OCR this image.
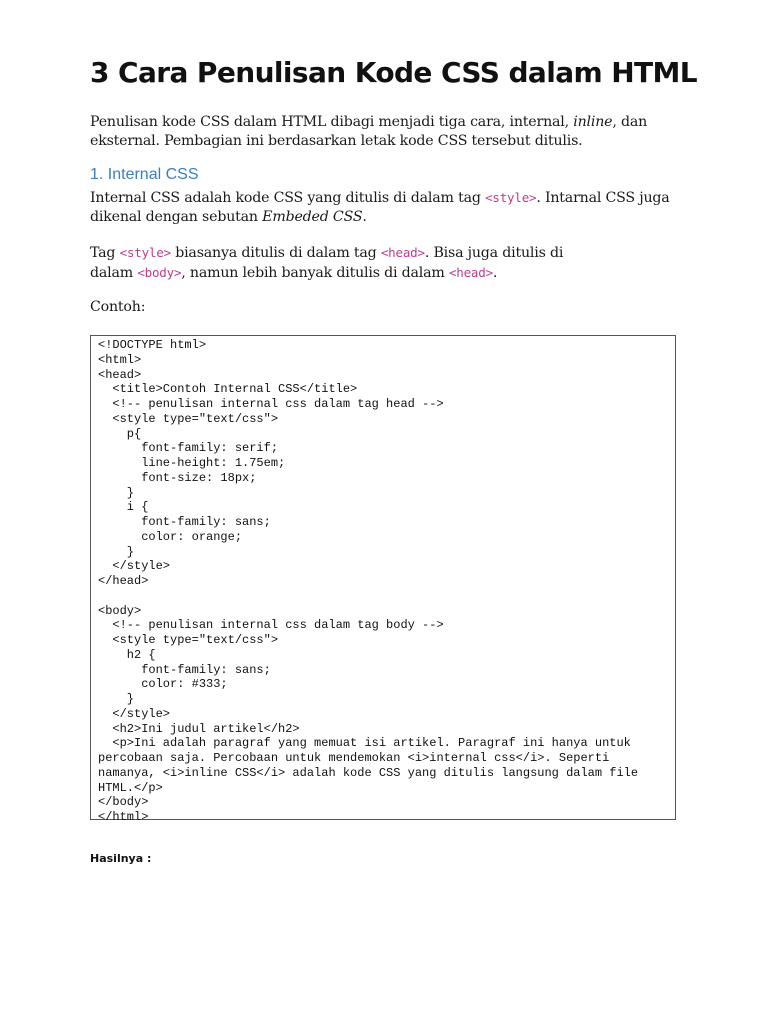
3 Cara Penulisan Kode CSS dalam HTML

Penulisan kode CSS dalam HTML dibagi menjadi tiga cara, internal, inline, dan
eksternal. Pembagian ini berdasarkan letak kode CSS tersebut ditulis.

1. Internal CSS

Internal CSS adalah kode CSS yang ditulis di dalam tag <style>. Intarnal CSS juga
dikenal dengan sebutan Embeded CSS.

Tag <style> biasanya ditulis di dalam tag <head>. Bisa juga ditulis di
dalam <body>, namun lebih banyak ditulis di dalam <head>.

Contoh:

<!DOCTYPE html>
<html>
<head>
<title>Contoh Internal CSS</title>
<!-- penulisan internal css dalam tag head -->
<style type="text/css">
p{
font-family: serif;
line-height: 1.75em;
font-size: 18px;
}
i {
font-family: sans;
color: orange;
}
</style>
</head>

<body>
<!-- penulisan internal css dalam tag body -->
<style type="text/css">
h2 {
font-family: sans;
color: #333;
}
</style>
<h2>Ini judul artikel</h2>
<p>Ini adalah paragraf yang memuat isi artikel. Paragraf ini hanya untuk
percobaan saja. Percobaan untuk mendemokan <i>internal css</i>. Seperti
namanya, <i>inline CSS</i> adalah kode CSS yang ditulis langsung dalam file
HTML.</p>
</body>
</html>

Hasilnya :
